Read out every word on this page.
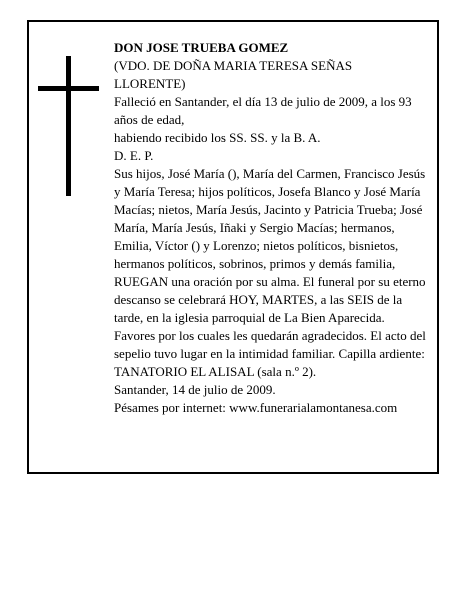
DON JOSE TRUEBA GOMEZ

(VDO. DE DOÑA MARIA TERESA SEÑAS LLORENTE)

Falleció en Santander, el día 13 de julio de 2009, a los 93 años de edad,

habiendo recibido los SS. SS. y la B. A.

D. E. P.

Sus hijos, José María (), María del Carmen, Francisco Jesús y María Teresa; hijos políticos, Josefa Blanco y José María Macías; nietos, María Jesús, Jacinto y Patricia Trueba; José María, María Jesús, Iñaki y Sergio Macías; hermanos, Emilia, Víctor () y Lorenzo; nietos políticos, bisnietos, hermanos políticos, sobrinos, primos y demás familia,

RUEGAN una oración por su alma. El funeral por su eterno descanso se celebrará HOY, MARTES, a las SEIS de la tarde, en la iglesia parroquial de La Bien Aparecida. Favores por los cuales les quedarán agradecidos. El acto del sepelio tuvo lugar en la intimidad familiar. Capilla ardiente: TANATORIO EL ALISAL (sala n.º 2).

Santander, 14 de julio de 2009.

Pésames por internet: www.funerarialamontanesa.com
